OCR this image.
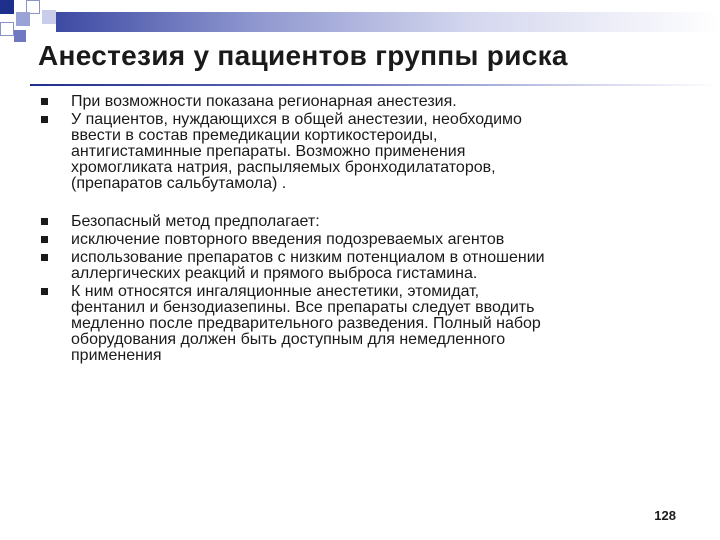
Анестезия у пациентов группы риска
При возможности показана регионарная анестезия.
У пациентов, нуждающихся в общей анестезии, необходимо
ввести в состав премедикации кортикостероиды,
антигистаминные препараты. Возможно применения
хромогликата натрия, распыляемых бронходилататоров,
(препаратов сальбутамола) .
Безопасный метод предполагает:
исключение повторного введения подозреваемых агентов
использование препаратов с низким потенциалом в отношении
аллергических реакций и прямого выброса гистамина.
К ним относятся ингаляционные анестетики, этомидат,
фентанил и бензодиазепины. Все препараты следует вводить
медленно после предварительного разведения. Полный набор
оборудования должен быть доступным для немедленного
применения
128
